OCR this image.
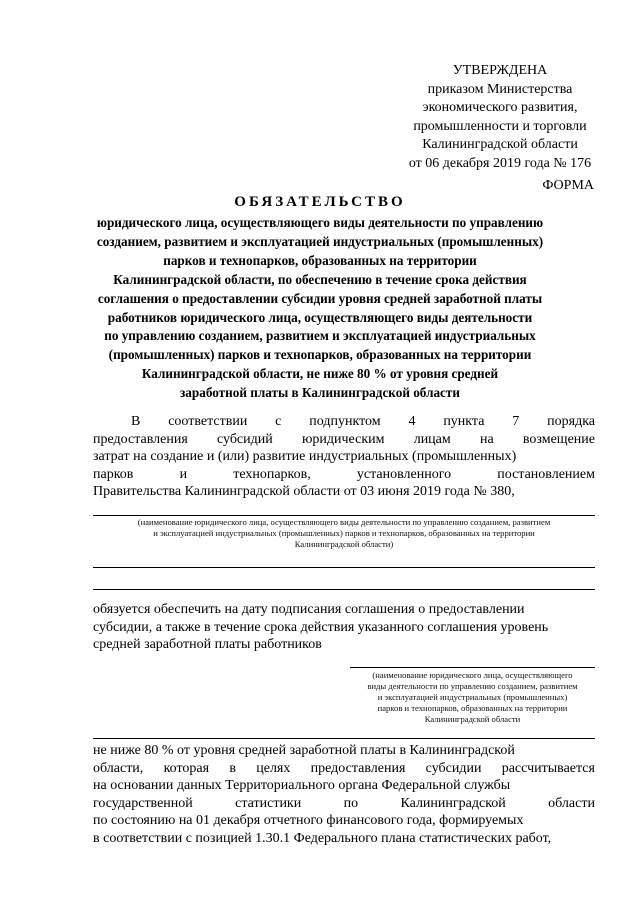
УТВЕРЖДЕНА
приказом Министерства
экономического развития,
промышленности и торговли
Калининградской области
от 06 декабря 2019 года № 176
ФОРМА
ОБЯЗАТЕЛЬСТВО
юридического лица, осуществляющего виды деятельности по управлению
созданием, развитием и эксплуатацией индустриальных (промышленных)
парков и технопарков, образованных на территории
Калининградской области, по обеспечению в течение срока действия
соглашения о предоставлении субсидии уровня средней заработной платы
работников юридического лица, осуществляющего виды деятельности
по управлению созданием, развитием и эксплуатацией индустриальных
(промышленных) парков и технопарков, образованных на территории
Калининградской области, не ниже 80 % от уровня средней
заработной платы в Калининградской области
В соответствии с подпунктом 4 пункта 7 порядка
предоставления субсидий юридическим лицам на возмещение
затрат на создание и (или) развитие индустриальных (промышленных)
парков	и	технопарков,	установленного	постановлением
Правительства Калининградской области от 03 июня 2019 года № 380,
(наименование юридического лица, осуществляющего виды деятельности по управлению созданием, развитием
и эксплуатацией индустриальных (промышленных) парков и технопарков, образованных на территории
Калининградской области)
обязуется обеспечить на дату подписания соглашения о предоставлении
субсидии, а также в течение срока действия указанного соглашения уровень
средней заработной платы работников
(наименование юридического лица, осуществляющего
виды деятельности по управлению созданием, развитием
и эксплуатацией индустриальных (промышленных)
парков и технопарков, образованных на территории
Калининградской области
не ниже 80 % от уровня средней заработной платы в Калининградской
области, которая в целях предоставления субсидии рассчитывается
на основании данных Территориального органа Федеральной службы
государственной	статистики	по	Калининградской	области
по состоянию на 01 декабря отчетного финансового года, формируемых
в соответствии с позицией 1.30.1 Федерального плана статистических работ,
